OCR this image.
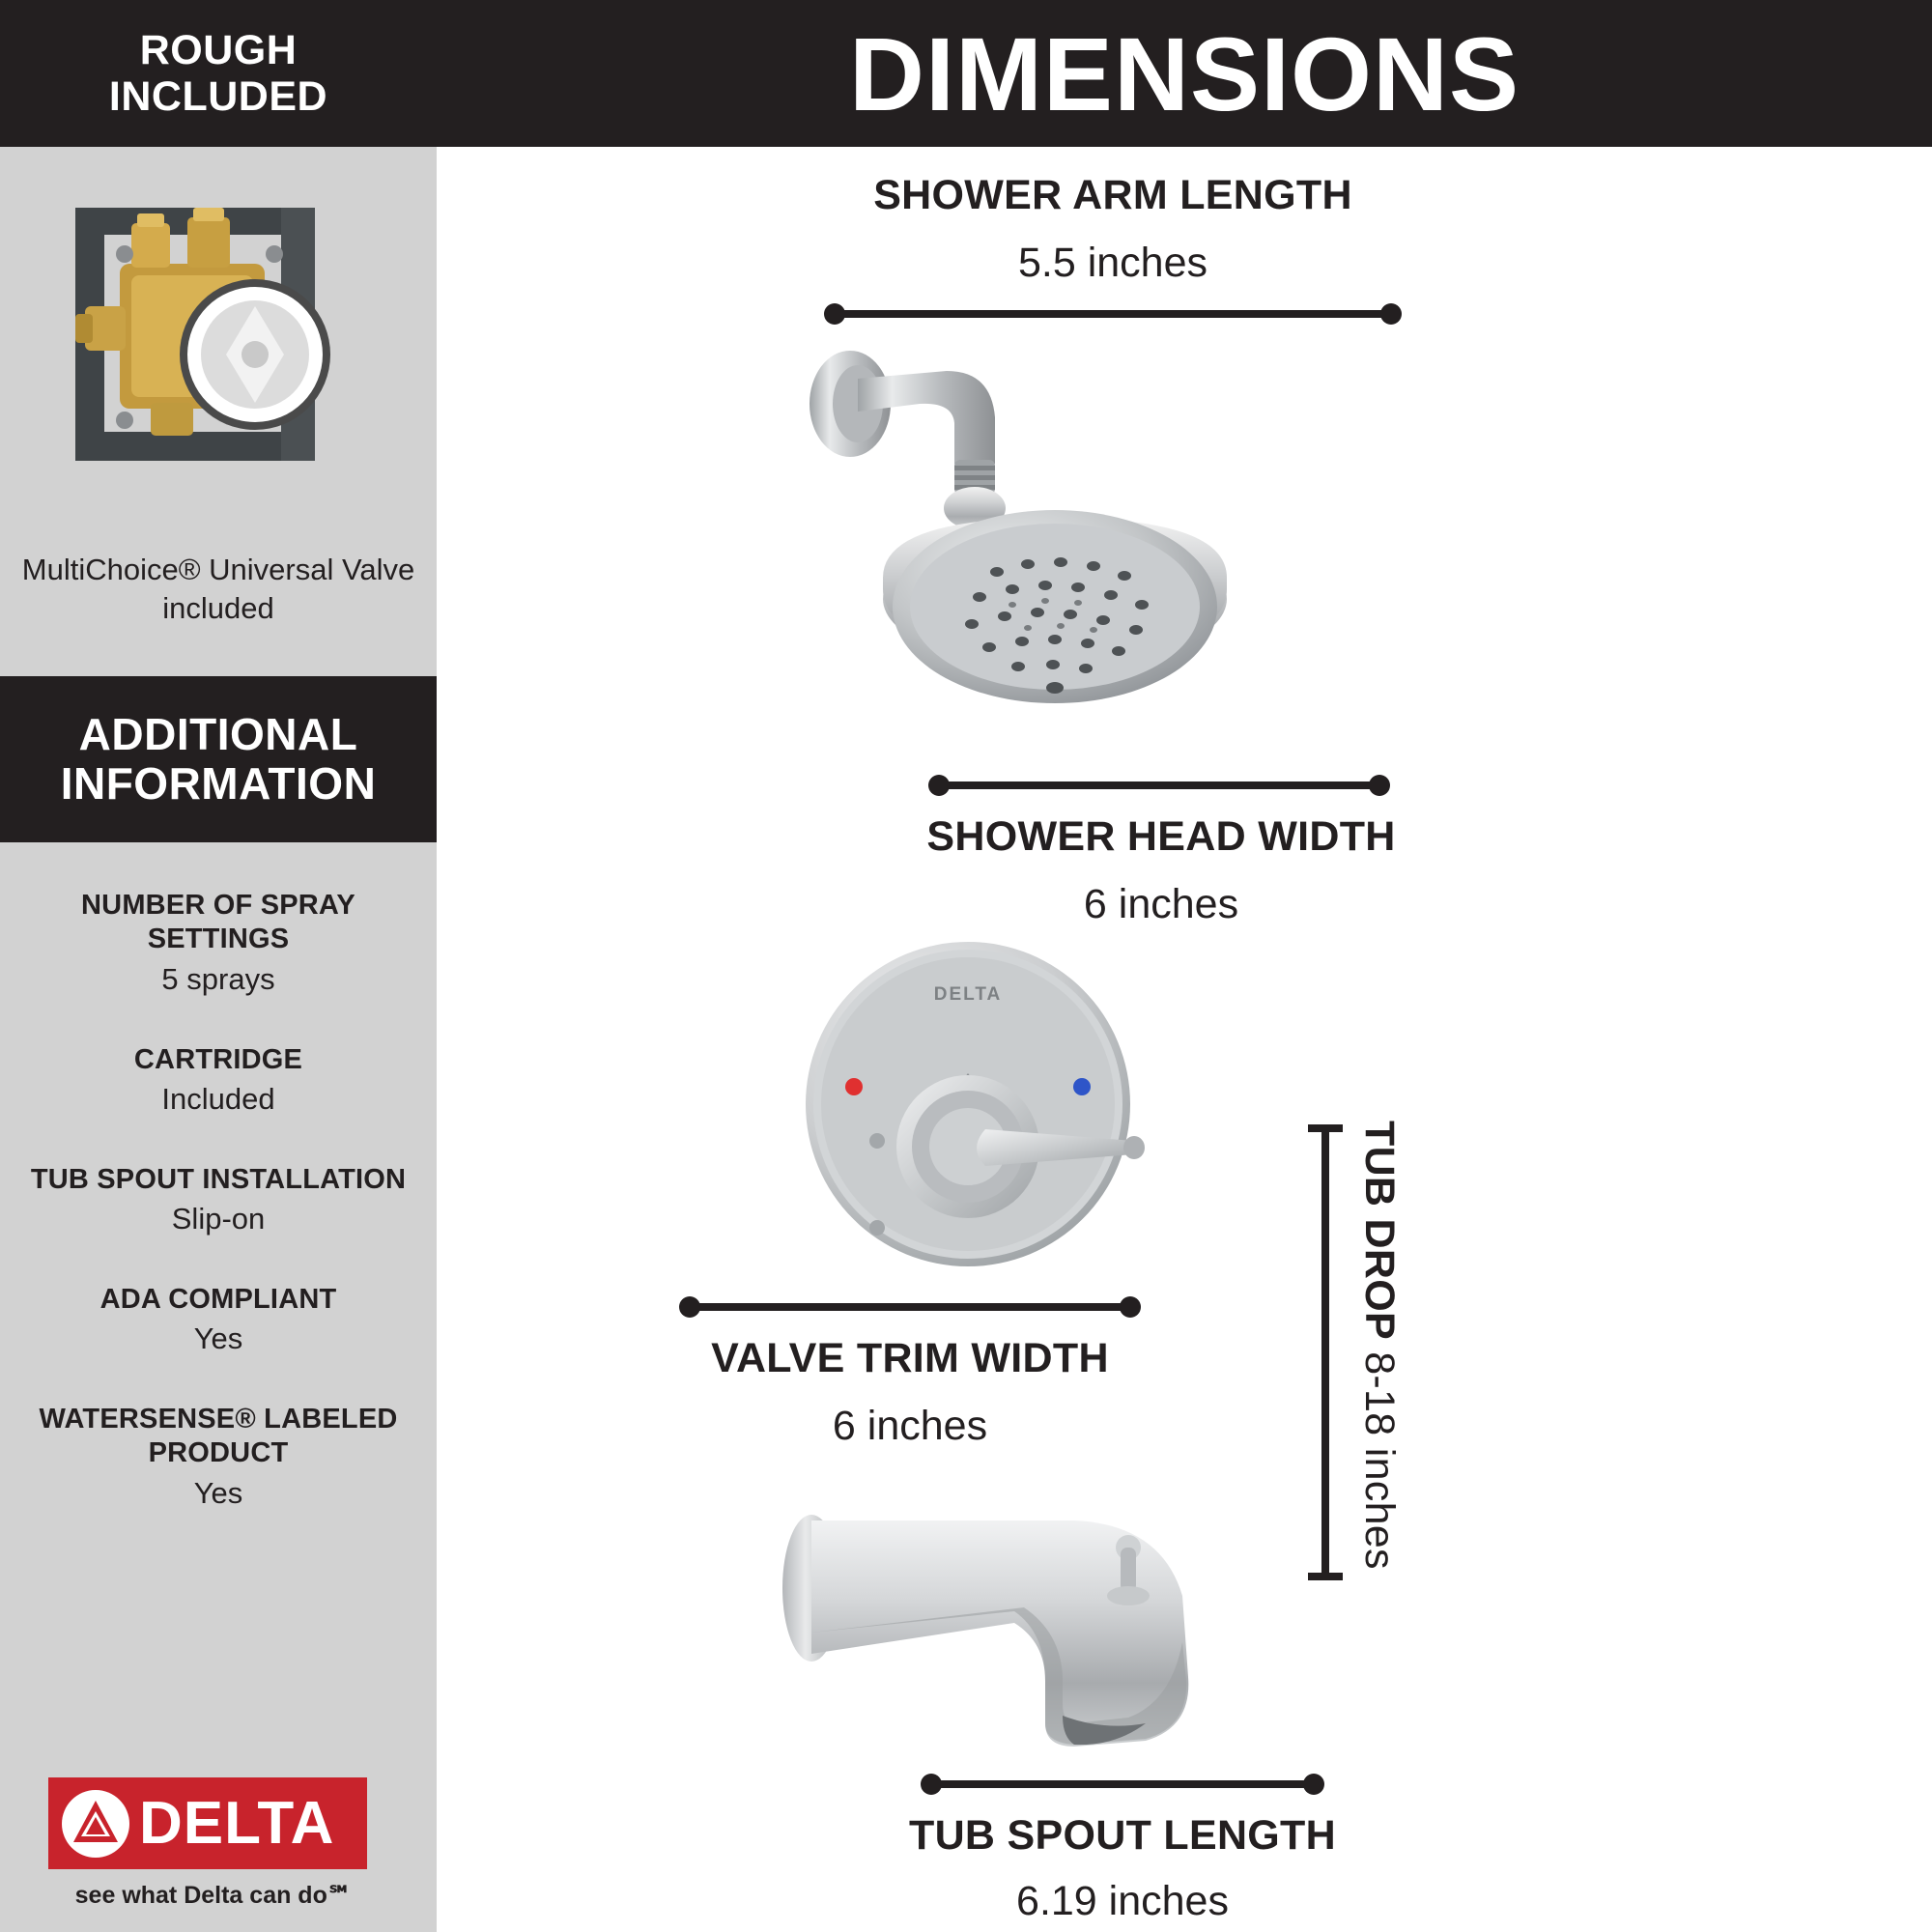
ROUGH
INCLUDED
MultiChoice® Universal Valve included
ADDITIONAL
INFORMATION
NUMBER OF SPRAY SETTINGS
5 sprays
CARTRIDGE
Included
TUB SPOUT INSTALLATION
Slip-on
ADA COMPLIANT
Yes
WATERSENSE® LABELED PRODUCT
Yes
DELTA
see what Delta can do℠
DIMENSIONS
SHOWER ARM LENGTH
5.5 inches
SHOWER HEAD WIDTH
6 inches
DELTA
VALVE TRIM WIDTH
6 inches
TUB DROP 8-18 inches
TUB SPOUT LENGTH
6.19 inches
